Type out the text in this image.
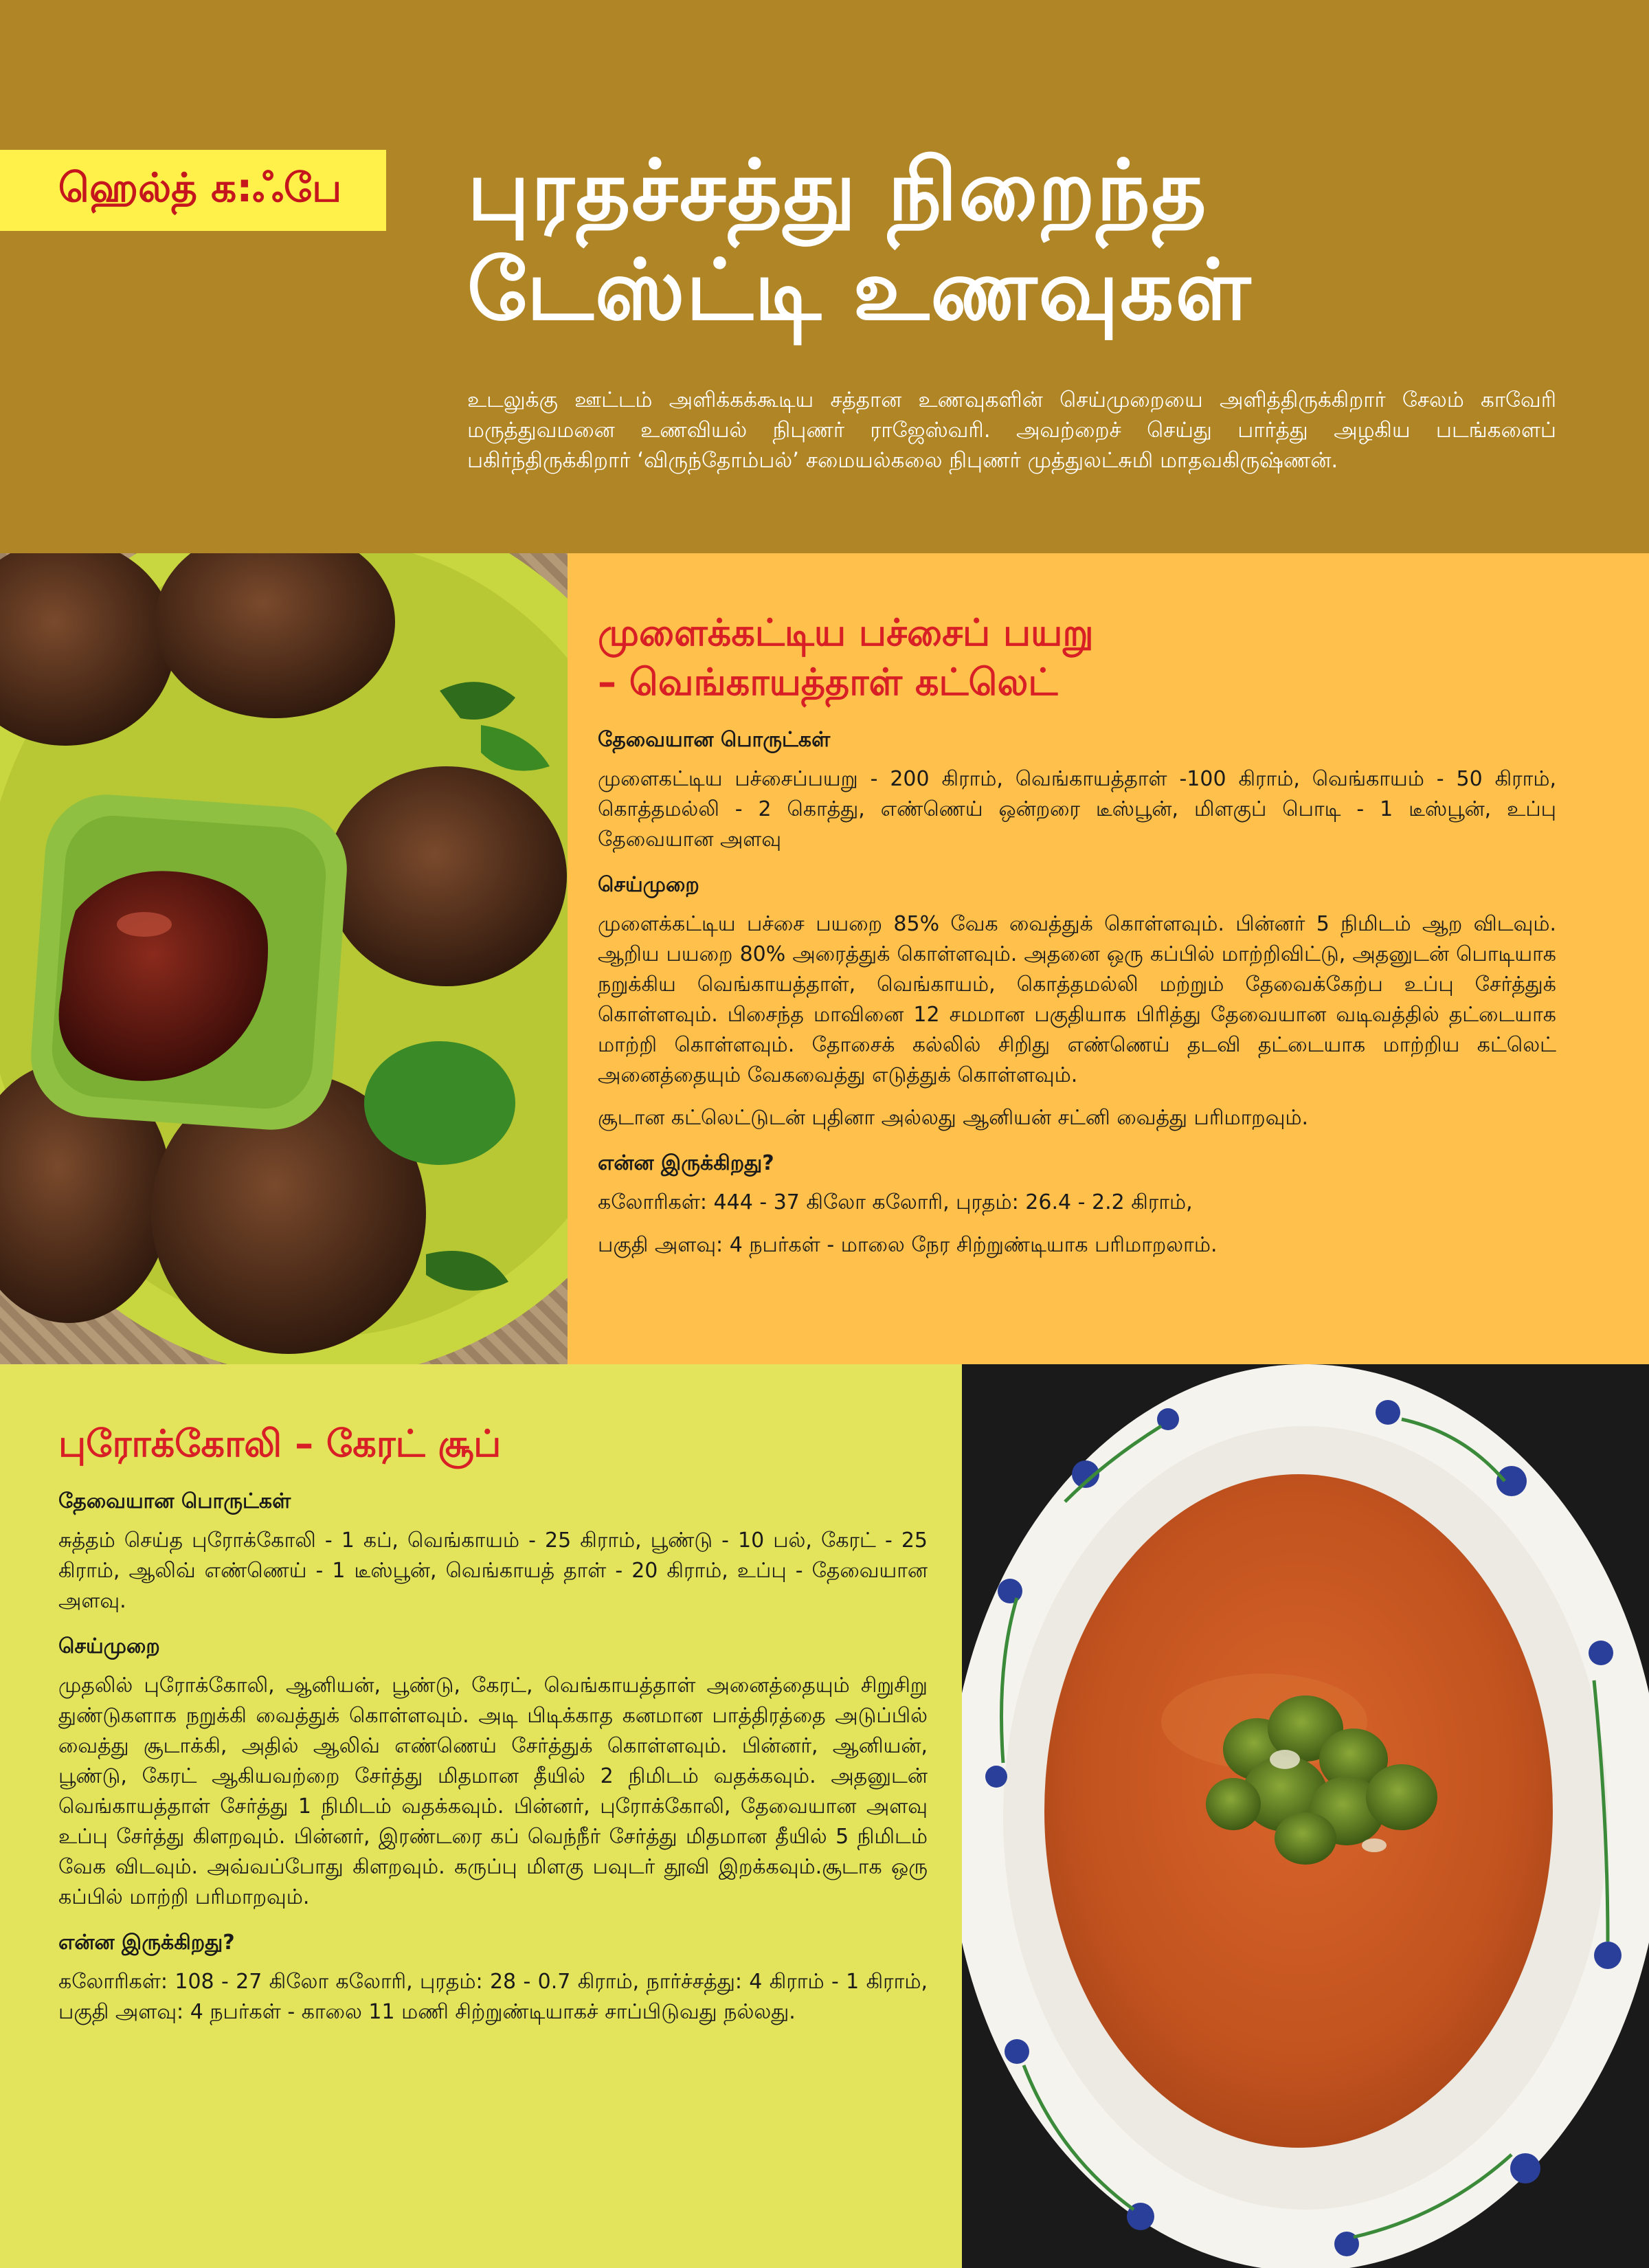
ஹெல்த் க:ஃபே	புரதச்சத்து நிறைந்த
டேஸ்ட்டி உணவுகள்
உடலுக்கு ஊட்டம் அளிக்கக்கூடிய சத்தான உணவுகளின் செய்முறையை அளித்திருக்கிறார் சேலம் காவேரி மருத்துவமனை உணவியல் நிபுணர் ராஜேஸ்வரி. அவற்றைச் செய்து பார்த்து அழகிய படங்களைப் பகிர்ந்திருக்கிறார் ‘விருந்தோம்பல்’ சமையல்கலை நிபுணர் முத்துலட்சுமி மாதவகிருஷ்ணன்.
முளைக்கட்டிய பச்சைப் பயறு
– வெங்காயத்தாள் கட்லெட்
தேவையான பொருட்கள்

முளைகட்டிய பச்சைப்பயறு - 200 கிராம், வெங்காயத்தாள் -100 கிராம், வெங்காயம் - 50 கிராம், கொத்தமல்லி - 2 கொத்து, எண்ணெய் ஒன்றரை டீஸ்பூன், மிளகுப் பொடி - 1 டீஸ்பூன், உப்பு தேவையான அளவு

செய்முறை

முளைக்கட்டிய பச்சை பயறை 85% வேக வைத்துக் கொள்ளவும். பின்னர் 5 நிமிடம் ஆற விடவும். ஆறிய பயறை 80% அரைத்துக் கொள்ளவும். அதனை ஒரு கப்பில் மாற்றிவிட்டு, அதனுடன் பொடியாக நறுக்கிய வெங்காயத்தாள், வெங்காயம், கொத்தமல்லி மற்றும் தேவைக்கேற்ப உப்பு சேர்த்துக் கொள்ளவும். பிசைந்த மாவினை 12 சமமான பகுதியாக பிரித்து தேவையான வடிவத்தில் தட்டையாக மாற்றி கொள்ளவும். தோசைக் கல்லில் சிறிது எண்ணெய் தடவி தட்டையாக மாற்றிய கட்லெட் அனைத்தையும் வேகவைத்து எடுத்துக் கொள்ளவும்.

சூடான கட்லெட்டுடன் புதினா அல்லது ஆனியன் சட்னி வைத்து பரிமாறவும்.

என்ன இருக்கிறது?

கலோரிகள்: 444 - 37 கிலோ கலோரி, புரதம்: 26.4 - 2.2 கிராம்,

பகுதி அளவு: 4 நபர்கள் - மாலை நேர சிற்றுண்டியாக பரிமாறலாம்.

புரோக்கோலி – கேரட் சூப்
தேவையான பொருட்கள்

சுத்தம் செய்த புரோக்கோலி - 1 கப், வெங்காயம் - 25 கிராம், பூண்டு - 10 பல், கேரட் - 25 கிராம், ஆலிவ் எண்ணெய் - 1 டீஸ்பூன், வெங்காயத் தாள் - 20 கிராம், உப்பு - தேவையான அளவு.

செய்முறை

முதலில் புரோக்கோலி, ஆனியன், பூண்டு, கேரட், வெங்காயத்தாள் அனைத்தையும் சிறுசிறு துண்டுகளாக நறுக்கி வைத்துக் கொள்ளவும். அடி பிடிக்காத கனமான பாத்திரத்தை அடுப்பில் வைத்து சூடாக்கி, அதில் ஆலிவ் எண்ணெய் சேர்த்துக் கொள்ளவும். பின்னர், ஆனியன், பூண்டு, கேரட் ஆகியவற்றை சேர்த்து மிதமான தீயில் 2 நிமிடம் வதக்கவும். அதனுடன் வெங்காயத்தாள் சேர்த்து 1 நிமிடம் வதக்கவும். பின்னர், புரோக்கோலி, தேவையான அளவு உப்பு சேர்த்து கிளறவும். பின்னர், இரண்டரை கப் வெந்நீர் சேர்த்து மிதமான தீயில் 5 நிமிடம் வேக விடவும். அவ்வப்போது கிளறவும். கருப்பு மிளகு பவுடர் தூவி இறக்கவும்.சூடாக ஒரு கப்பில் மாற்றி பரிமாறவும்.

என்ன இருக்கிறது?

கலோரிகள்: 108 - 27 கிலோ கலோரி, புரதம்: 28 - 0.7 கிராம், நார்ச்சத்து: 4 கிராம் - 1 கிராம், பகுதி அளவு: 4 நபர்கள் - காலை 11 மணி சிற்றுண்டியாகச் சாப்பிடுவது நல்லது.
